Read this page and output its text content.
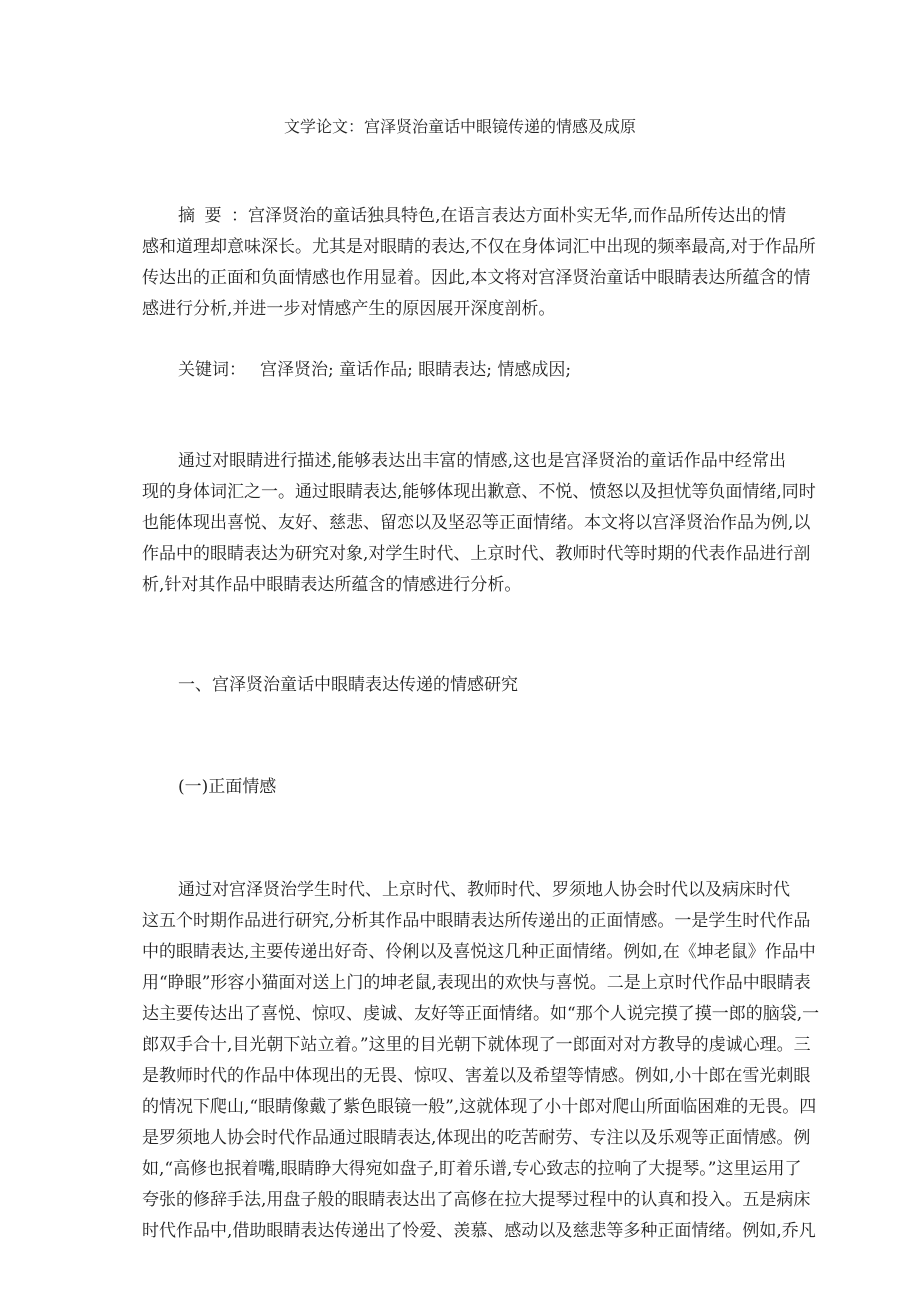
文学论文：宫泽贤治童话中眼镜传递的情感及成原
摘要：宫泽贤治的童话独具特色,在语言表达方面朴实无华,而作品所传达出的情
感和道理却意味深长。尤其是对眼睛的表达,不仅在身体词汇中出现的频率最高,对于作品所
传达出的正面和负面情感也作用显着。因此,本文将对宫泽贤治童话中眼睛表达所蕴含的情
感进行分析,并进一步对情感产生的原因展开深度剖析。
关键词： 宫泽贤治; 童话作品; 眼睛表达; 情感成因;
通过对眼睛进行描述,能够表达出丰富的情感,这也是宫泽贤治的童话作品中经常出
现的身体词汇之一。通过眼睛表达,能够体现出歉意、不悦、愤怒以及担忧等负面情绪,同时
也能体现出喜悦、友好、慈悲、留恋以及坚忍等正面情绪。本文将以宫泽贤治作品为例,以
作品中的眼睛表达为研究对象,对学生时代、上京时代、教师时代等时期的代表作品进行剖
析,针对其作品中眼睛表达所蕴含的情感进行分析。
一、宫泽贤治童话中眼睛表达传递的情感研究
(一)正面情感
通过对宫泽贤治学生时代、上京时代、教师时代、罗须地人协会时代以及病床时代
这五个时期作品进行研究,分析其作品中眼睛表达所传递出的正面情感。一是学生时代作品
中的眼睛表达,主要传递出好奇、伶俐以及喜悦这几种正面情绪。例如,在《坤老鼠》作品中
用“睁眼”形容小猫面对送上门的坤老鼠,表现出的欢快与喜悦。二是上京时代作品中眼睛表
达主要传达出了喜悦、惊叹、虔诚、友好等正面情绪。如“那个人说完摸了摸一郎的脑袋,一
郎双手合十,目光朝下站立着。”这里的目光朝下就体现了一郎面对对方教导的虔诚心理。三
是教师时代的作品中体现出的无畏、惊叹、害羞以及希望等情感。例如,小十郎在雪光刺眼
的情况下爬山,“眼睛像戴了紫色眼镜一般”,这就体现了小十郎对爬山所面临困难的无畏。四
是罗须地人协会时代作品通过眼睛表达,体现出的吃苦耐劳、专注以及乐观等正面情感。例
如,“高修也抿着嘴,眼睛睁大得宛如盘子,盯着乐谱,专心致志的拉响了大提琴。”这里运用了
夸张的修辞手法,用盘子般的眼睛表达出了高修在拉大提琴过程中的认真和投入。五是病床
时代作品中,借助眼睛表达传递出了怜爱、羡慕、感动以及慈悲等多种正面情绪。例如,乔凡
